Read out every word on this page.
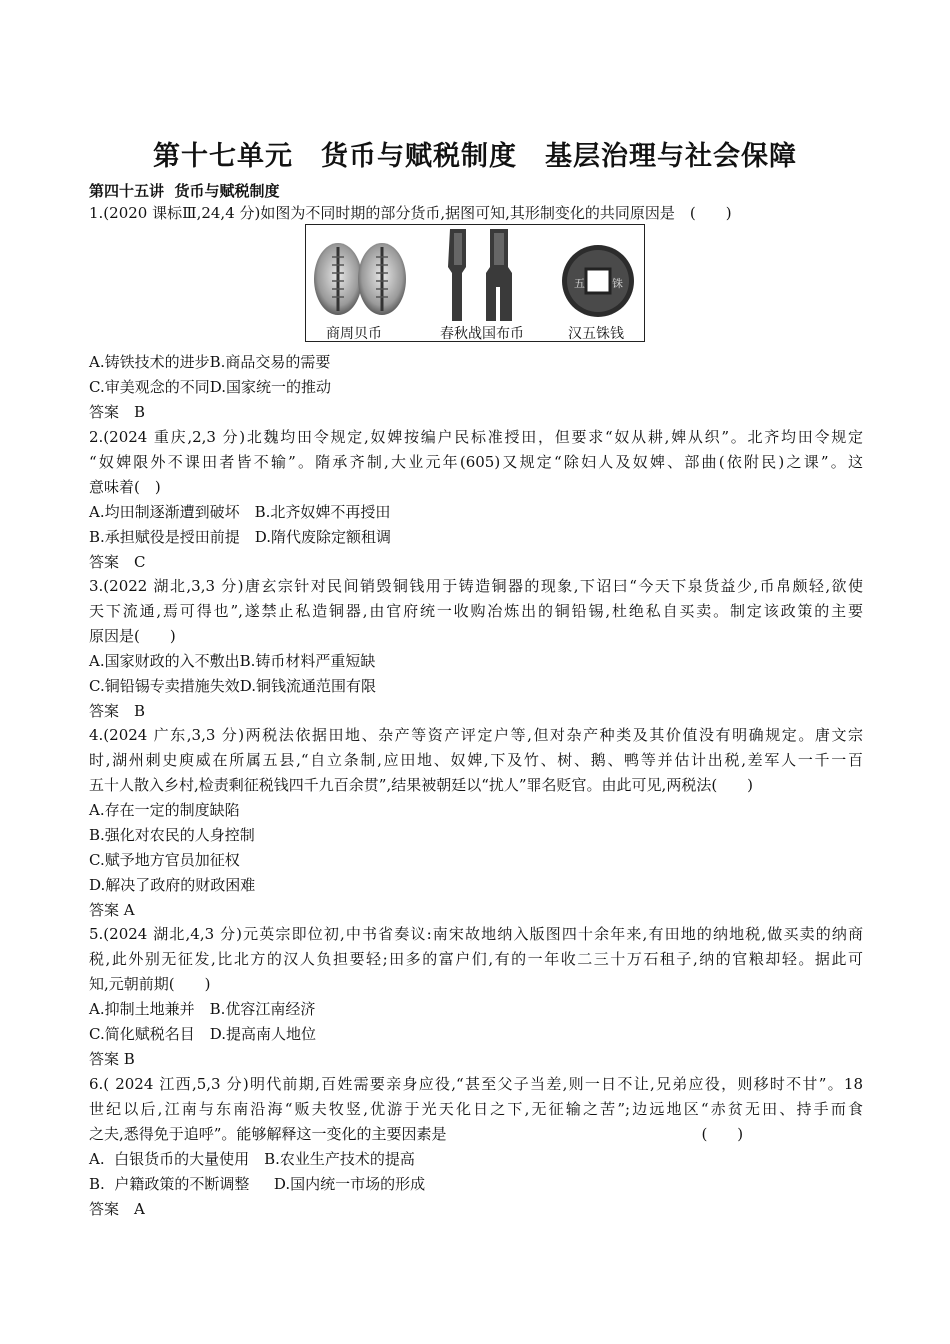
第十七单元　货币与赋税制度　基层治理与社会保障
第四十五讲  货币与赋税制度
1.(2020 课标Ⅲ,24,4 分)如图为不同时期的部分货币,据图可知,其形制变化的共同原因是　(　　)
五 铢
商周贝币	春秋战国布币	汉五铢钱
A.铸铁技术的进步B.商品交易的需要
C.审美观念的不同D.国家统一的推动
答案　B
2.(2024 重庆,2,3 分)北魏均田令规定,奴婢按编户民标准授田，但要求“奴从耕,婢从织”。北齐均田令规定
“奴婢限外不课田者皆不输”。隋承齐制,大业元年(605)又规定“除妇人及奴婢、部曲(依附民)之课”。这
意味着(　)
A.均田制逐渐遭到破坏　B.北齐奴婢不再授田
B.承担赋役是授田前提　D.隋代废除定额租调
答案　C
3.(2022 湖北,3,3 分)唐玄宗针对民间销毁铜钱用于铸造铜器的现象,下诏曰“今天下泉货益少,币帛颇轻,欲使
天下流通,焉可得也”,遂禁止私造铜器,由官府统一收购冶炼出的铜铅锡,杜绝私自买卖。制定该政策的主要
原因是(　　)
A.国家财政的入不敷出B.铸币材料严重短缺
C.铜铅锡专卖措施失效D.铜钱流通范围有限
答案　B
4.(2024 广东,3,3 分)两税法依据田地、杂产等资产评定户等,但对杂产种类及其价值没有明确规定。唐文宗
时,湖州刺史庾威在所属五县,“自立条制,应田地、奴婢,下及竹、树、鹅、鸭等并估计出税,差军人一千一百
五十人散入乡村,检责剩征税钱四千九百余贯”,结果被朝廷以“扰人”罪名贬官。由此可见,两税法(　　)
A.存在一定的制度缺陷
B.强化对农民的人身控制
C.赋予地方官员加征权
D.解决了政府的财政困难
答案 A
5.(2024 湖北,4,3 分)元英宗即位初,中书省奏议:南宋故地纳入版图四十余年来,有田地的纳地税,做买卖的纳商
税,此外别无征发,比北方的汉人负担要轻;田多的富户们,有的一年收二三十万石租子,纳的官粮却轻。据此可
知,元朝前期(　　)
A.抑制土地兼并　B.优容江南经济
C.简化赋税名目　D.提高南人地位
答案 B
6.( 2024 江西,5,3 分)明代前期,百姓需要亲身应役,“甚至父子当差,则一日不让,兄弟应役，则移时不甘”。18
世纪以后,江南与东南沿海“贩夫牧竖,优游于光天化日之下,无征输之苦”;边远地区“赤贫无田、持手而食
之夫,悉得免于追呼”。能够解释这一变化的主要因素是　　　　　　　　　　　　　　　　　(　　)
A.  白银货币的大量使用　B.农业生产技术的提高
B.  户籍政策的不断调整　  D.国内统一市场的形成
答案　A
